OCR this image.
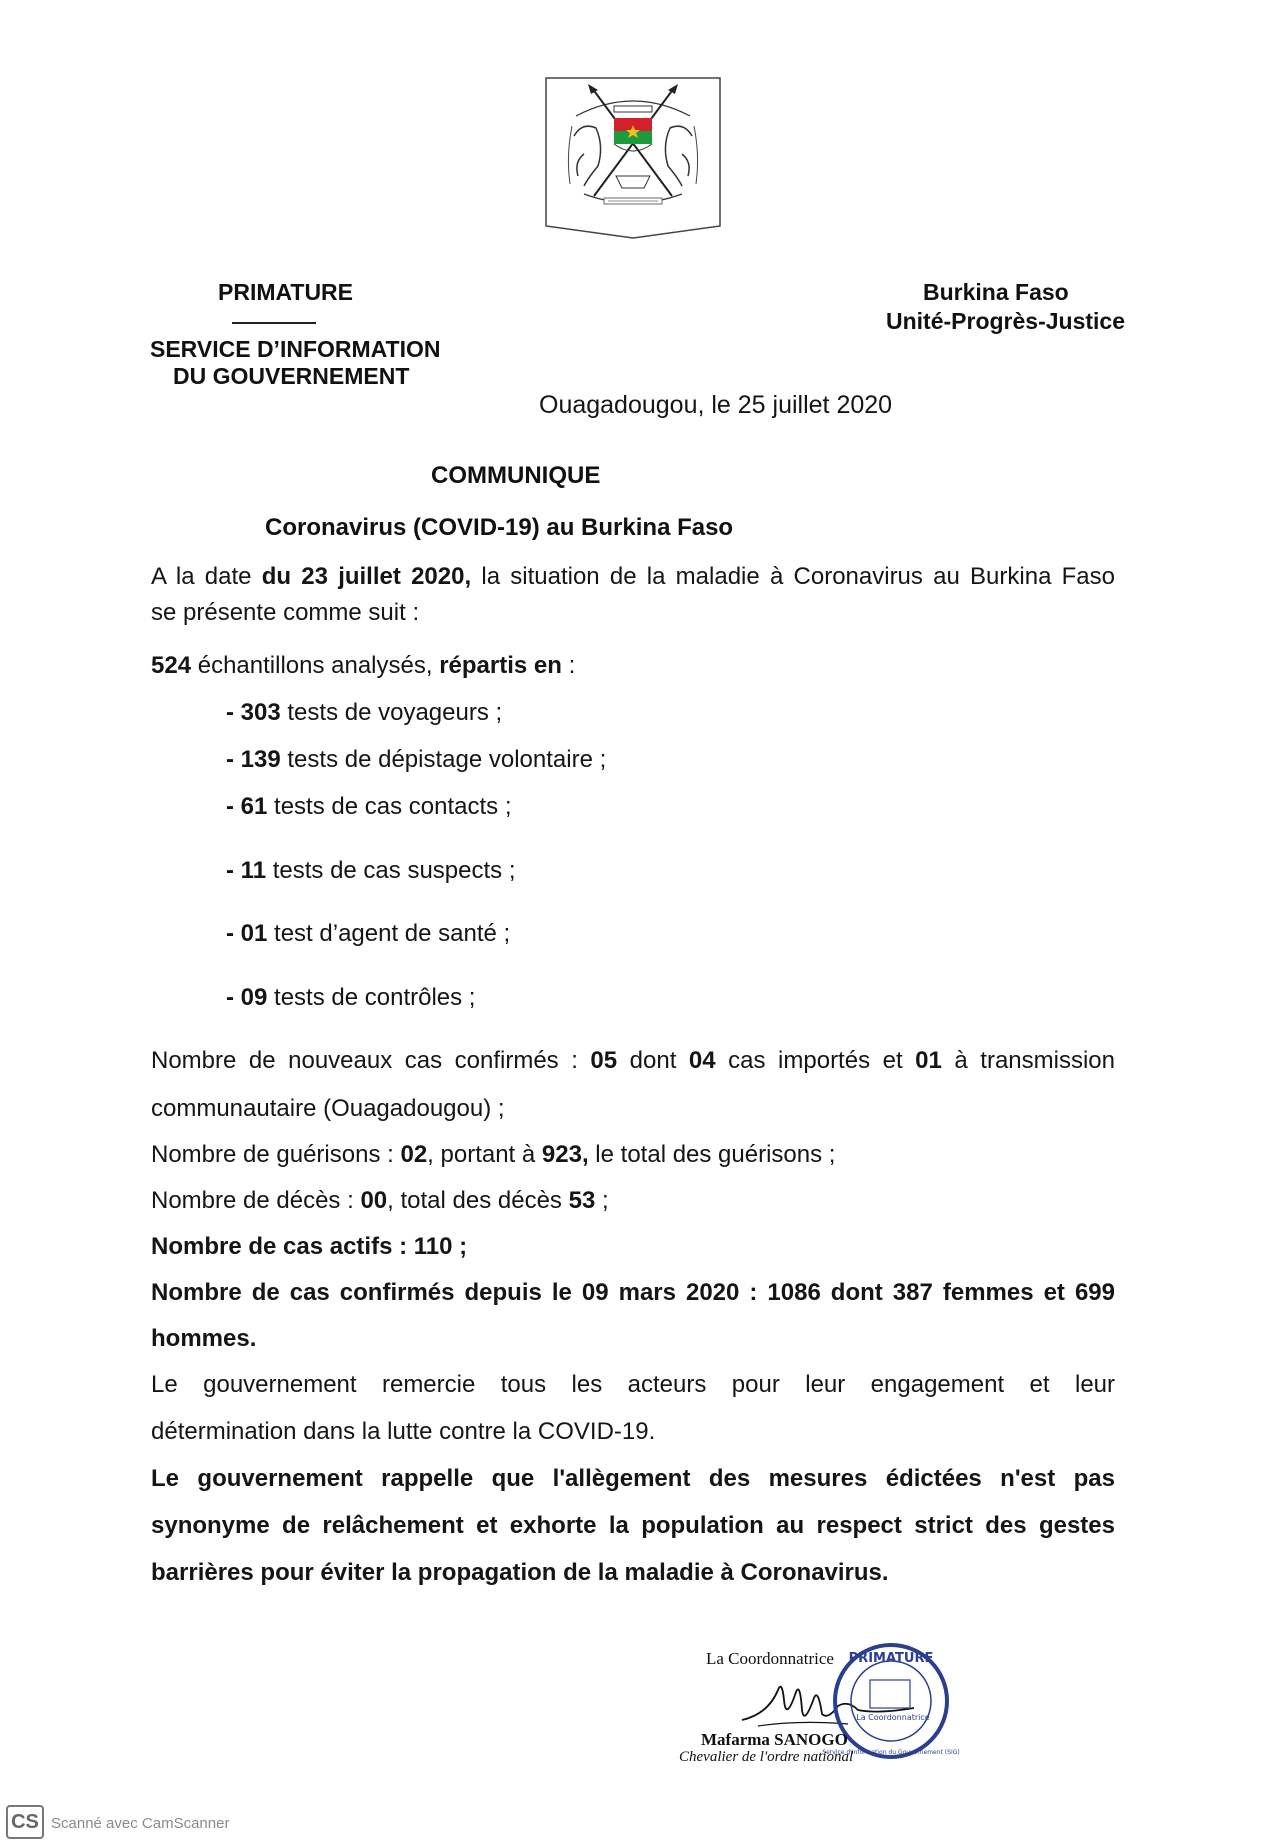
PRIMATURE
SERVICE D’INFORMATION
DU GOUVERNEMENT
Burkina Faso
Unité-Progrès-Justice
Ouagadougou, le 25 juillet 2020
COMMUNIQUE
Coronavirus (COVID-19) au Burkina Faso
A la date du 23 juillet 2020, la situation de la maladie à Coronavirus au Burkina Faso
se présente comme suit :
524 échantillons analysés, répartis en :
- 303 tests de voyageurs ;
- 139 tests de dépistage volontaire ;
- 61 tests de cas contacts ;
- 11 tests de cas suspects ;
- 01 test d’agent de santé ;
- 09 tests de contrôles ;
Nombre de nouveaux cas confirmés : 05 dont 04 cas importés et 01 à transmission
communautaire (Ouagadougou) ;
Nombre de guérisons : 02, portant à 923, le total des guérisons ;
Nombre de décès : 00, total des décès 53 ;
Nombre de cas actifs : 110 ;
Nombre de cas confirmés depuis le 09 mars 2020 : 1086 dont 387 femmes et 699
hommes.
Le gouvernement remercie tous les acteurs pour leur engagement et leur
détermination dans la lutte contre la COVID-19.
Le gouvernement rappelle que l'allègement des mesures édictées n'est pas
synonyme de relâchement et exhorte la population au respect strict des gestes
barrières pour éviter la propagation de la maladie à Coronavirus.
La Coordonnatrice PRIMATURE
Service d'Information du Gouvernement (SIG)
La Coordonnatrice
Mafarma SANOGO
Chevalier de l'ordre national
CS Scanné avec CamScanner
